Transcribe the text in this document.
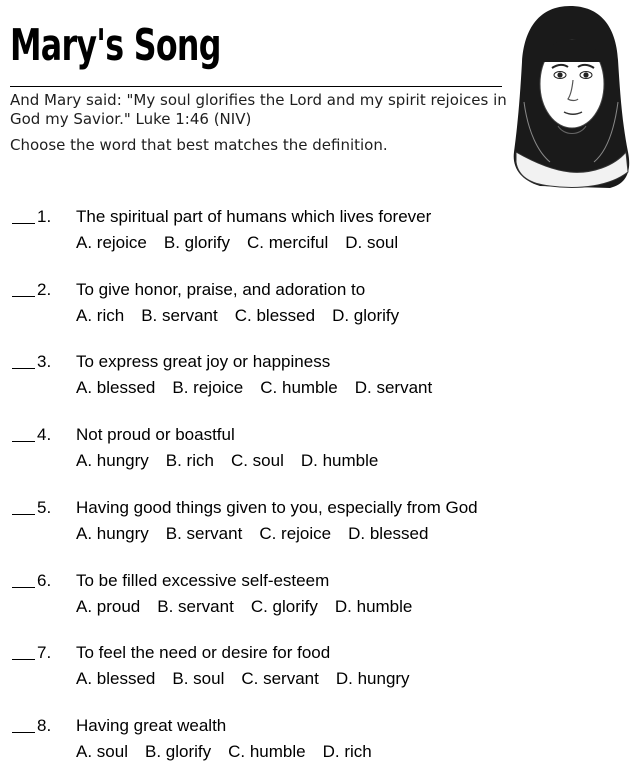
Mary's Song
And Mary said: "My soul glorifies the Lord and my spirit rejoices in God my Savior." Luke 1:46 (NIV)
Choose the word that best matches the definition.
1. The spiritual part of humans which lives forever
A. rejoice B. glorify C. merciful D. soul
2. To give honor, praise, and adoration to
A. rich B. servant C. blessed D. glorify
3. To express great joy or happiness
A. blessed B. rejoice C. humble D. servant
4. Not proud or boastful
A. hungry B. rich C. soul D. humble
5. Having good things given to you, especially from God
A. hungry B. servant C. rejoice D. blessed
6. To be filled excessive self-esteem
A. proud B. servant C. glorify D. humble
7. To feel the need or desire for food
A. blessed B. soul C. servant D. hungry
8. Having great wealth
A. soul B. glorify C. humble D. rich
